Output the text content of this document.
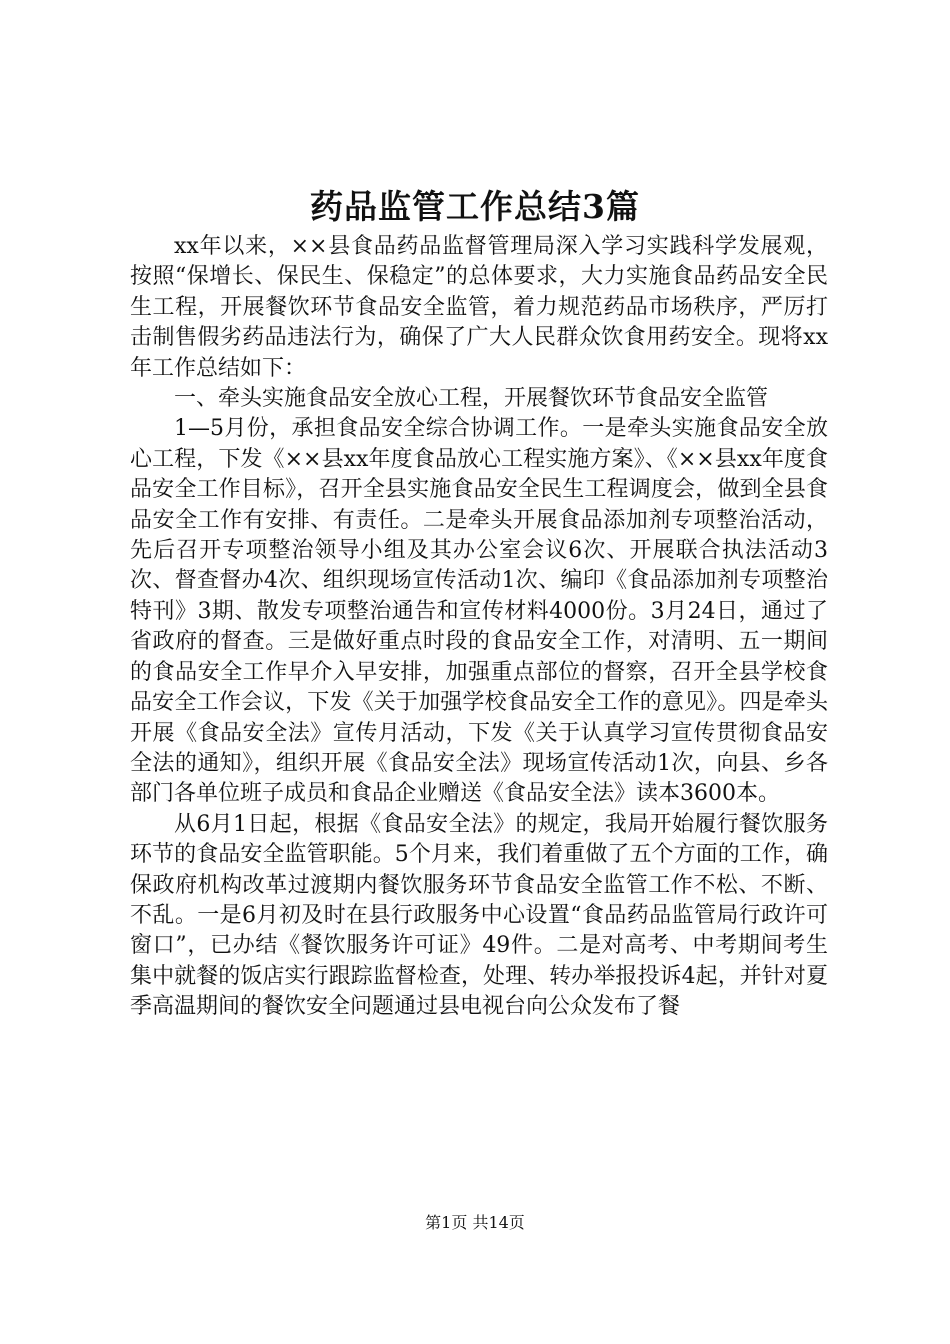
药品监管工作总结3篇

xx年以来，××县食品药品监督管理局深入学习实践科学发展观，按照“保增长、保民生、保稳定”的总体要求，大力实施食品药品安全民生工程，开展餐饮环节食品安全监管，着力规范药品市场秩序，严厉打击制售假劣药品违法行为，确保了广大人民群众饮食用药安全。现将xx年工作总结如下：

一、牵头实施食品安全放心工程，开展餐饮环节食品安全监管

1—5月份，承担食品安全综合协调工作。一是牵头实施食品安全放心工程，下发《××县xx年度食品放心工程实施方案》、《××县xx年度食品安全工作目标》，召开全县实施食品安全民生工程调度会，做到全县食品安全工作有安排、有责任。二是牵头开展食品添加剂专项整治活动，先后召开专项整治领导小组及其办公室会议6次、开展联合执法活动3次、督查督办4次、组织现场宣传活动1次、编印《食品添加剂专项整治特刊》3期、散发专项整治通告和宣传材料4000份。3月24日，通过了省政府的督查。三是做好重点时段的食品安全工作，对清明、五一期间的食品安全工作早介入早安排，加强重点部位的督察，召开全县学校食品安全工作会议，下发《关于加强学校食品安全工作的意见》。四是牵头开展《食品安全法》宣传月活动，下发《关于认真学习宣传贯彻食品安全法的通知》，组织开展《食品安全法》现场宣传活动1次，向县、乡各部门各单位班子成员和食品企业赠送《食品安全法》读本3600本。

从6月1日起，根据《食品安全法》的规定，我局开始履行餐饮服务环节的食品安全监管职能。5个月来，我们着重做了五个方面的工作，确保政府机构改革过渡期内餐饮服务环节食品安全监管工作不松、不断、不乱。一是6月初及时在县行政服务中心设置“食品药品监管局行政许可窗口”，已办结《餐饮服务许可证》49件。二是对高考、中考期间考生集中就餐的饭店实行跟踪监督检查，处理、转办举报投诉4起，并针对夏季高温期间的餐饮安全问题通过县电视台向公众发布了餐

第1页 共14页
